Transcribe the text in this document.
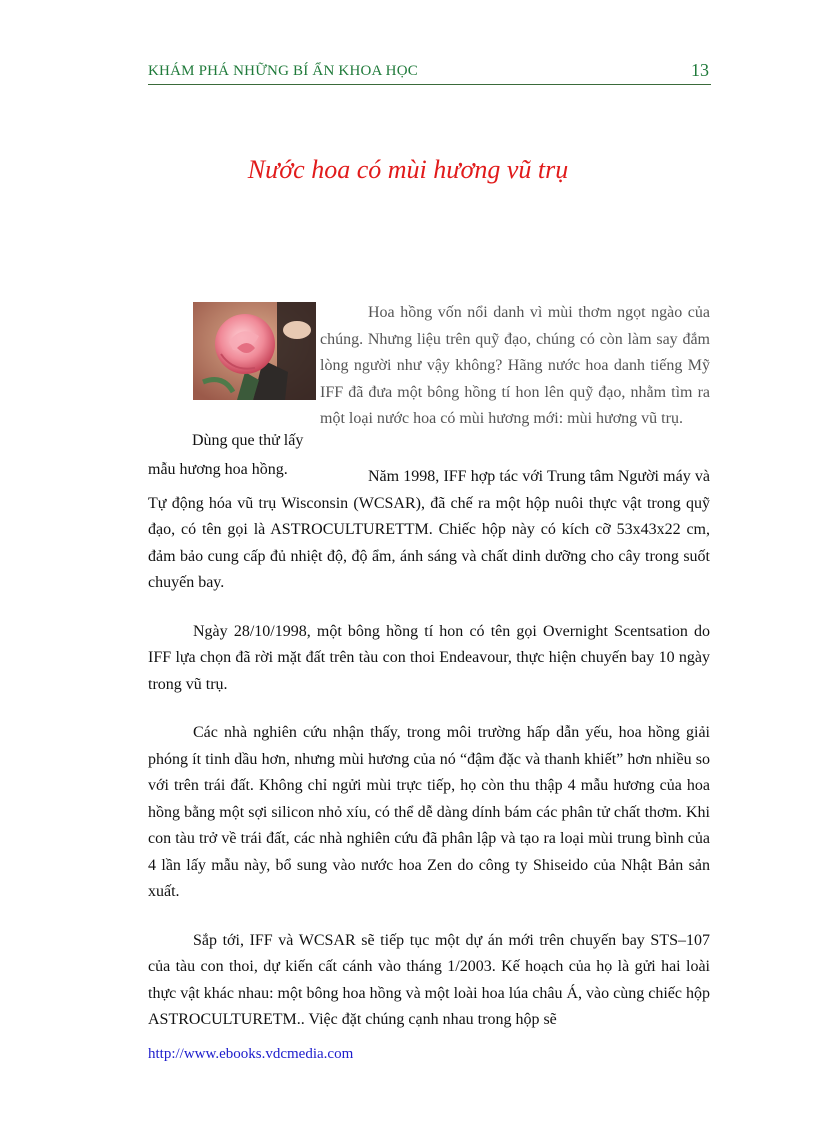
KHÁM PHÁ NHỮNG BÍ ẨN KHOA HỌC	13
Nước hoa có mùi hương vũ trụ
Dùng que thử lấy
mẫu hương hoa hồng.
Hoa hồng vốn nổi danh vì mùi thơm ngọt ngào của chúng. Nhưng liệu trên quỹ đạo, chúng có còn làm say đắm lòng người như vậy không? Hãng nước hoa danh tiếng Mỹ IFF đã đưa một bông hồng tí hon lên quỹ đạo, nhằm tìm ra một loại nước hoa có mùi hương mới: mùi hương vũ trụ.

Năm 1998, IFF hợp tác với Trung tâm Người máy và Tự động hóa vũ trụ Wisconsin (WCSAR), đã chế ra một hộp nuôi thực vật trong quỹ đạo, có tên gọi là ASTROCULTURETTM. Chiếc hộp này có kích cỡ 53x43x22 cm, đảm bảo cung cấp đủ nhiệt độ, độ ẩm, ánh sáng và chất dinh dưỡng cho cây trong suốt chuyến bay.

Ngày 28/10/1998, một bông hồng tí hon có tên gọi Overnight Scentsation do IFF lựa chọn đã rời mặt đất trên tàu con thoi Endeavour, thực hiện chuyến bay 10 ngày trong vũ trụ.

Các nhà nghiên cứu nhận thấy, trong môi trường hấp dẫn yếu, hoa hồng giải phóng ít tinh dầu hơn, nhưng mùi hương của nó “đậm đặc và thanh khiết” hơn nhiều so với trên trái đất. Không chỉ ngửi mùi trực tiếp, họ còn thu thập 4 mẫu hương của hoa hồng bằng một sợi silicon nhỏ xíu, có thể dễ dàng dính bám các phân tử chất thơm. Khi con tàu trở về trái đất, các nhà nghiên cứu đã phân lập và tạo ra loại mùi trung bình của 4 lần lấy mẫu này, bổ sung vào nước hoa Zen do công ty Shiseido của Nhật Bản sản xuất.

Sắp tới, IFF và WCSAR sẽ tiếp tục một dự án mới trên chuyến bay STS–107 của tàu con thoi, dự kiến cất cánh vào tháng 1/2003. Kế hoạch của họ là gửi hai loài thực vật khác nhau: một bông hoa hồng và một loài hoa lúa châu Á, vào cùng chiếc hộp ASTROCULTURETM.. Việc đặt chúng cạnh nhau trong hộp sẽ

http://www.ebooks.vdcmedia.com
